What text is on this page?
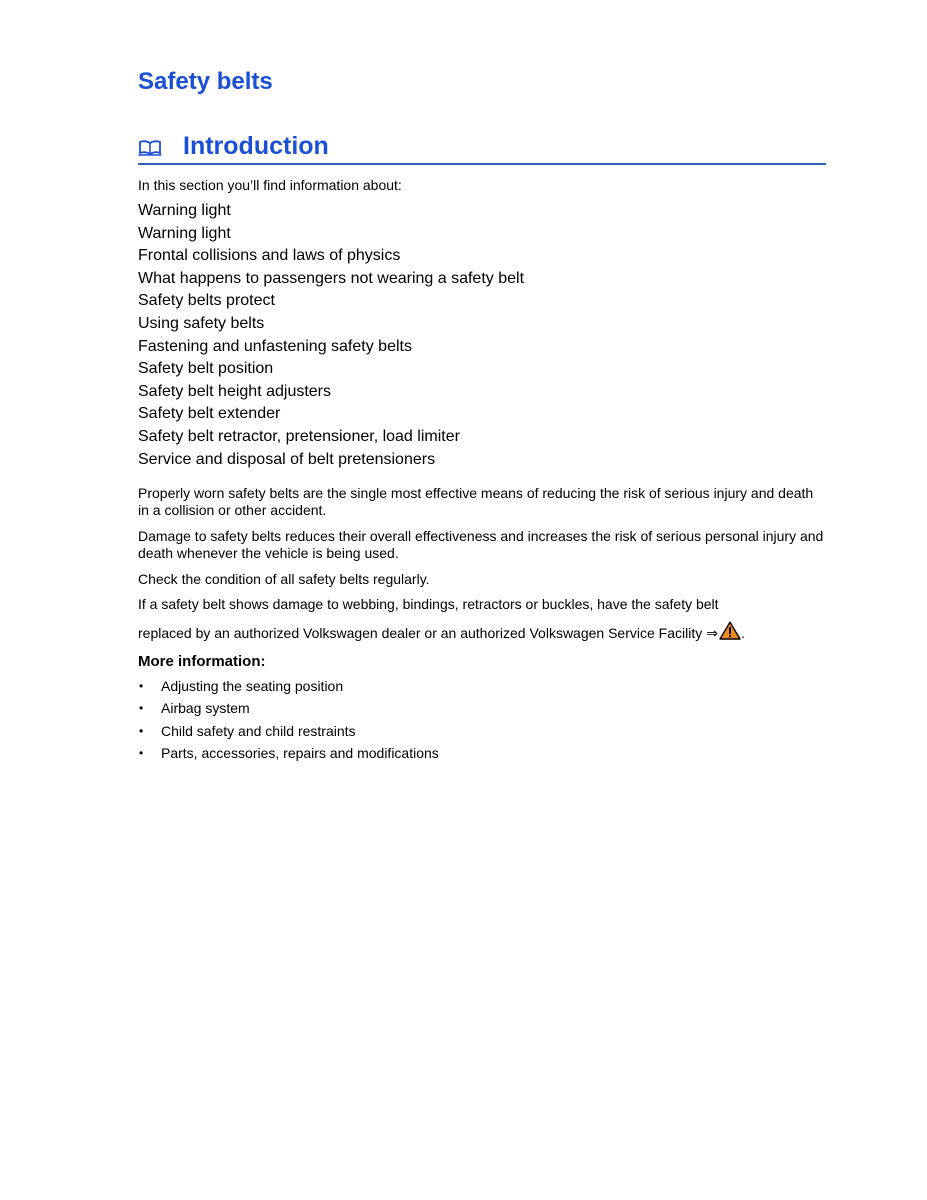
Safety belts
Introduction
In this section you’ll find information about:
Warning light
Warning light
Frontal collisions and laws of physics
What happens to passengers not wearing a safety belt
Safety belts protect
Using safety belts
Fastening and unfastening safety belts
Safety belt position
Safety belt height adjusters
Safety belt extender
Safety belt retractor, pretensioner, load limiter
Service and disposal of belt pretensioners

Properly worn safety belts are the single most effective means of reducing the risk of serious injury and death in a collision or other accident.

Damage to safety belts reduces their overall effectiveness and increases the risk of serious personal injury and death whenever the vehicle is being used.

Check the condition of all safety belts regularly.

If a safety belt shows damage to webbing, bindings, retractors or buckles, have the safety belt

replaced by an authorized Volkswagen dealer or an authorized Volkswagen Service Facility ⇒ .

More information:
• Adjusting the seating position
• Airbag system
• Child safety and child restraints
• Parts, accessories, repairs and modifications
